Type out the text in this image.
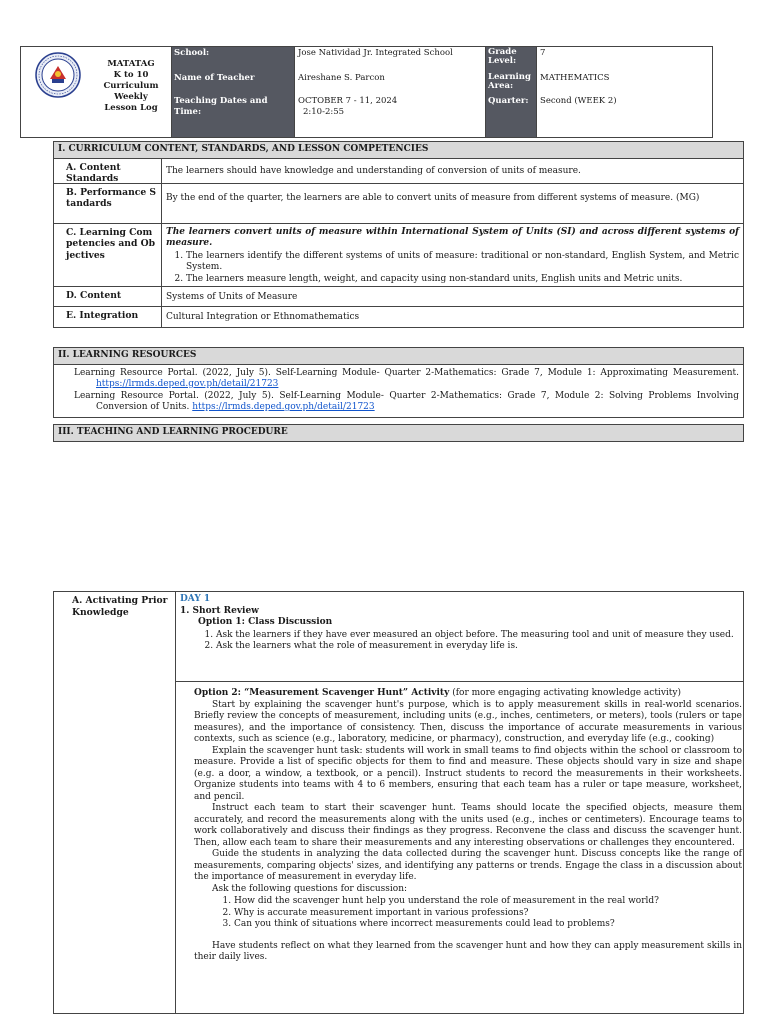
MATATAG
K to 10
Curriculum
Weekly
Lesson Log
School:
Name of Teacher
Teaching Dates and Time:
Jose Natividad Jr. Integrated School
Aireshane S. Parcon
OCTOBER 7 - 11, 2024
2:10-2:55
Grade Level:
Learning Area:
Quarter:
7
MATHEMATICS
Second (WEEK 2)
I. CURRICULUM CONTENT, STANDARDS, AND LESSON COMPETENCIES
A. Content Standards
The learners should have knowledge and understanding of conversion of units of measure.
B. Performance Standards
By the end of the quarter, the learners are able to convert units of measure from different systems of measure. (MG)
C. Learning Competencies and Objectives
The learners convert units of measure within International System of Units (SI) and across different systems of measure.
1. The learners identify the different systems of units of measure: traditional or non-standard, English System, and Metric System.
2. The learners measure length, weight, and capacity using non-standard units, English units and Metric units.
D. Content	Systems of Units of Measure
E. Integration	Cultural Integration or Ethnomathematics
II. LEARNING RESOURCES

Learning Resource Portal. (2022, July 5). Self-Learning Module- Quarter 2-Mathematics: Grade 7, Module 1: Approximating Measurement. https://lrmds.deped.gov.ph/detail/21723

Learning Resource Portal. (2022, July 5). Self-Learning Module- Quarter 2-Mathematics: Grade 7, Module 2: Solving Problems Involving Conversion of Units. https://lrmds.deped.gov.ph/detail/21723

III. TEACHING AND LEARNING PROCEDURE
A. Activating Prior Knowledge
DAY 1
1. Short Review
Option 1: Class Discussion
1. Ask the learners if they have ever measured an object before. The measuring tool and unit of measure they used.
2. Ask the learners what the role of measurement in everyday life is.

Option 2: “Measurement Scavenger Hunt” Activity (for more engaging activating knowledge activity)

Start by explaining the scavenger hunt's purpose, which is to apply measurement skills in real-world scenarios. Briefly review the concepts of measurement, including units (e.g., inches, centimeters, or meters), tools (rulers or tape measures), and the importance of consistency. Then, discuss the importance of accurate measurements in various contexts, such as science (e.g., laboratory, medicine, or pharmacy), construction, and everyday life (e.g., cooking)

Explain the scavenger hunt task: students will work in small teams to find objects within the school or classroom to measure. Provide a list of specific objects for them to find and measure. These objects should vary in size and shape (e.g. a door, a window, a textbook, or a pencil). Instruct students to record the measurements in their worksheets. Organize students into teams with 4 to 6 members, ensuring that each team has a ruler or tape measure, worksheet, and pencil.

Instruct each team to start their scavenger hunt. Teams should locate the specified objects, measure them accurately, and record the measurements along with the units used (e.g., inches or centimeters). Encourage teams to work collaboratively and discuss their findings as they progress. Reconvene the class and discuss the scavenger hunt. Then, allow each team to share their measurements and any interesting observations or challenges they encountered.

Guide the students in analyzing the data collected during the scavenger hunt. Discuss concepts like the range of measurements, comparing objects' sizes, and identifying any patterns or trends. Engage the class in a discussion about the importance of measurement in everyday life.

Ask the following questions for discussion:

1. How did the scavenger hunt help you understand the role of measurement in the real world?
2. Why is accurate measurement important in various professions?
3. Can you think of situations where incorrect measurements could lead to problems?

Have students reflect on what they learned from the scavenger hunt and how they can apply measurement skills in their daily lives.
